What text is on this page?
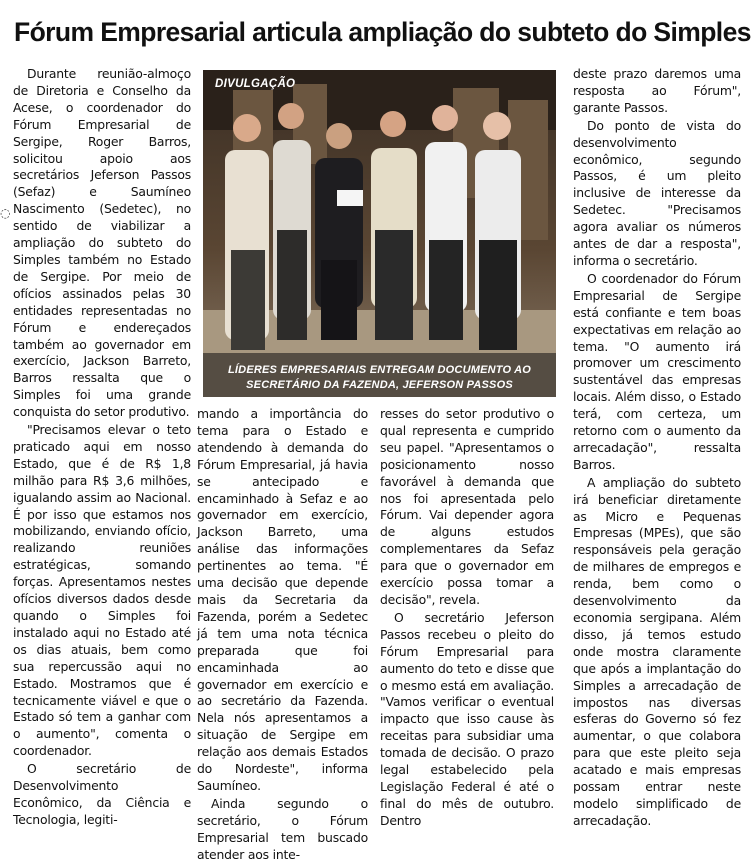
Fórum Empresarial articula ampliação do subteto do Simples
◌

Durante reunião-almoço de Diretoria e Conselho da Acese, o coordenador do Fórum Empresarial de Sergipe, Roger Barros, solicitou apoio aos secretários Jeferson Passos (Sefaz) e Saumíneo Nascimento (Sedetec), no sentido de viabilizar a ampliação do subteto do Simples também no Estado de Sergipe. Por meio de ofícios assinados pelas 30 entidades representadas no Fórum e endereçados também ao governador em exercício, Jackson Barreto, Barros ressalta que o Simples foi uma grande conquista do setor produtivo.

"Precisamos elevar o teto praticado aqui em nosso Estado, que é de R$ 1,8 milhão para R$ 3,6 milhões, igualando assim ao Nacional. É por isso que estamos nos mobilizando, enviando ofício, realizando reuniões estratégicas, somando forças. Apresentamos nestes ofícios diversos dados desde quando o Simples foi instalado aqui no Estado até os dias atuais, bem como sua repercussão aqui no Estado. Mostramos que é tecnicamente viável e que o Estado só tem a ganhar com o aumento", comenta o coordenador.

O secretário de Desenvolvimento Econômico, da Ciência e Tecnologia, legiti-

DIVULGAÇÃO
LÍDERES EMPRESARIAIS ENTREGAM DOCUMENTO AO
SECRETÁRIO DA FAZENDA, JEFERSON PASSOS

mando a importância do tema para o Estado e atendendo à demanda do Fórum Empresarial, já havia se antecipado e encaminhado à Sefaz e ao governador em exercício, Jackson Barreto, uma análise das informações pertinentes ao tema. "É uma decisão que depende mais da Secretaria da Fazenda, porém a Sedetec já tem uma nota técnica preparada que foi encaminhada ao governador em exercício e ao secretário da Fazenda. Nela nós apresentamos a situação de Sergipe em relação aos demais Estados do Nordeste", informa Saumíneo.

Ainda segundo o secretário, o Fórum Empresarial tem buscado atender aos inte-

resses do setor produtivo o qual representa e cumprido seu papel. "Apresentamos o posicionamento nosso favorável à demanda que nos foi apresentada pelo Fórum. Vai depender agora de alguns estudos complementares da Sefaz para que o governador em exercício possa tomar a decisão", revela.

O secretário Jeferson Passos recebeu o pleito do Fórum Empresarial para aumento do teto e disse que o mesmo está em avaliação. "Vamos verificar o eventual impacto que isso cause às receitas para subsidiar uma tomada de decisão. O prazo legal estabelecido pela Legislação Federal é até o final do mês de outubro. Dentro

deste prazo daremos uma resposta ao Fórum", garante Passos.

Do ponto de vista do desenvolvimento econômico, segundo Passos, é um pleito inclusive de interesse da Sedetec. "Precisamos agora avaliar os números antes de dar a resposta", informa o secretário.

O coordenador do Fórum Empresarial de Sergipe está confiante e tem boas expectativas em relação ao tema. "O aumento irá promover um crescimento sustentável das empresas locais. Além disso, o Estado terá, com certeza, um retorno com o aumento da arrecadação", ressalta Barros.

A ampliação do subteto irá beneficiar diretamente as Micro e Pequenas Empresas (MPEs), que são responsáveis pela geração de milhares de empregos e renda, bem como o desenvolvimento da economia sergipana. Além disso, já temos estudo onde mostra claramente que após a implantação do Simples a arrecadação de impostos nas diversas esferas do Governo só fez aumentar, o que colabora para que este pleito seja acatado e mais empresas possam entrar neste modelo simplificado de arrecadação.
